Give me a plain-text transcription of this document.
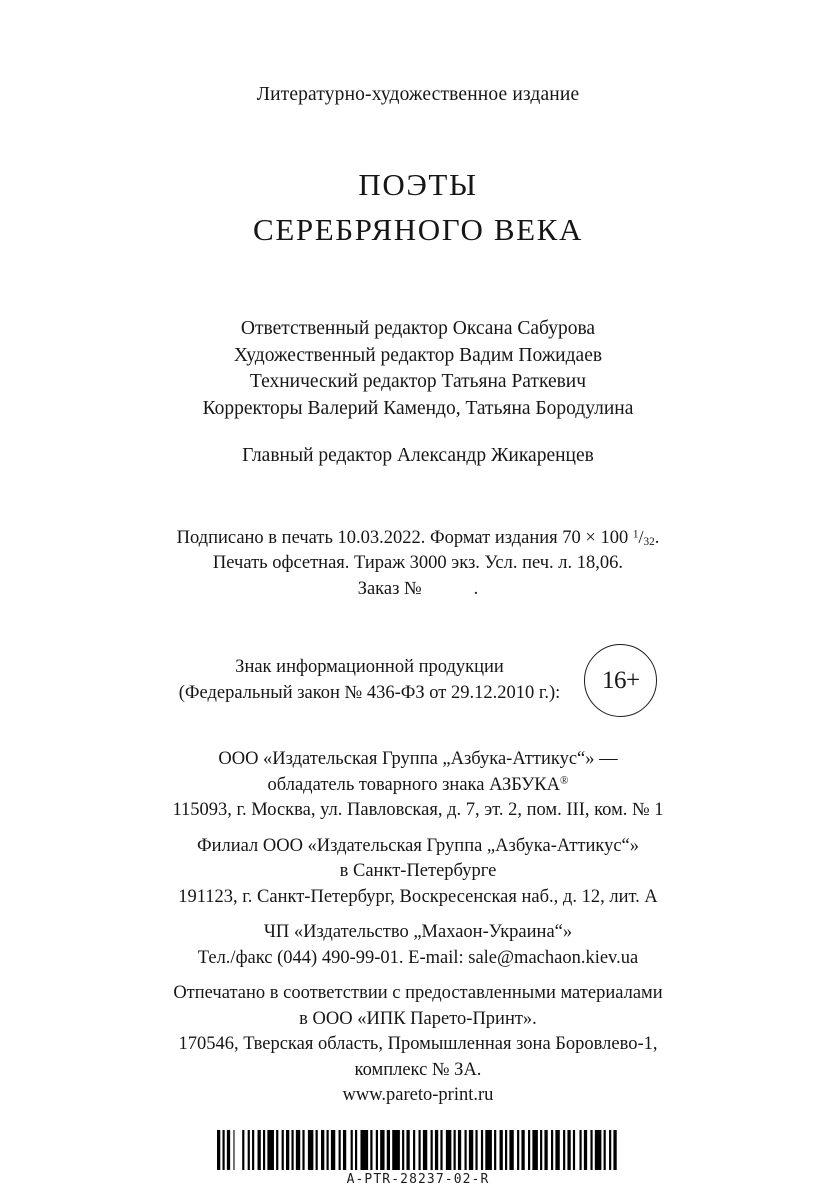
Литературно-художественное издание
ПОЭТЫ
СЕРЕБРЯНОГО ВЕКА
Ответственный редактор Оксана Сабурова
Художественный редактор Вадим Пожидаев
Технический редактор Татьяна Раткевич
Корректоры Валерий Камендо, Татьяна Бородулина
Главный редактор Александр Жикаренцев
Подписано в печать 10.03.2022. Формат издания 70 × 100 $^1/_{32}$.
Печать офсетная. Тираж 3000 экз. Усл. печ. л. 18,06.
Заказ №	.
Знак информационной продукции
(Федеральный закон № 436-ФЗ от 29.12.2010 г.):	16+
ООО «Издательская Группа „Азбука-Аттикус“» —
обладатель товарного знака АЗБУКА®
115093, г. Москва, ул. Павловская, д. 7, эт. 2, пом. III, ком. № 1
Филиал ООО «Издательская Группа „Азбука-Аттикус“»
в Санкт-Петербурге
191123, г. Санкт-Петербург, Воскресенская наб., д. 12, лит. А
ЧП «Издательство „Махаон-Украина“»
Тел./факс (044) 490-99-01. E-mail: sale@machaon.kiev.ua
Отпечатано в соответствии с предоставленными материалами
в ООО «ИПК Парето-Принт».
170546, Тверская область, Промышленная зона Боровлево-1,
комплекс № ЗА.
www.pareto-print.ru
A-PTR-28237-02-R
